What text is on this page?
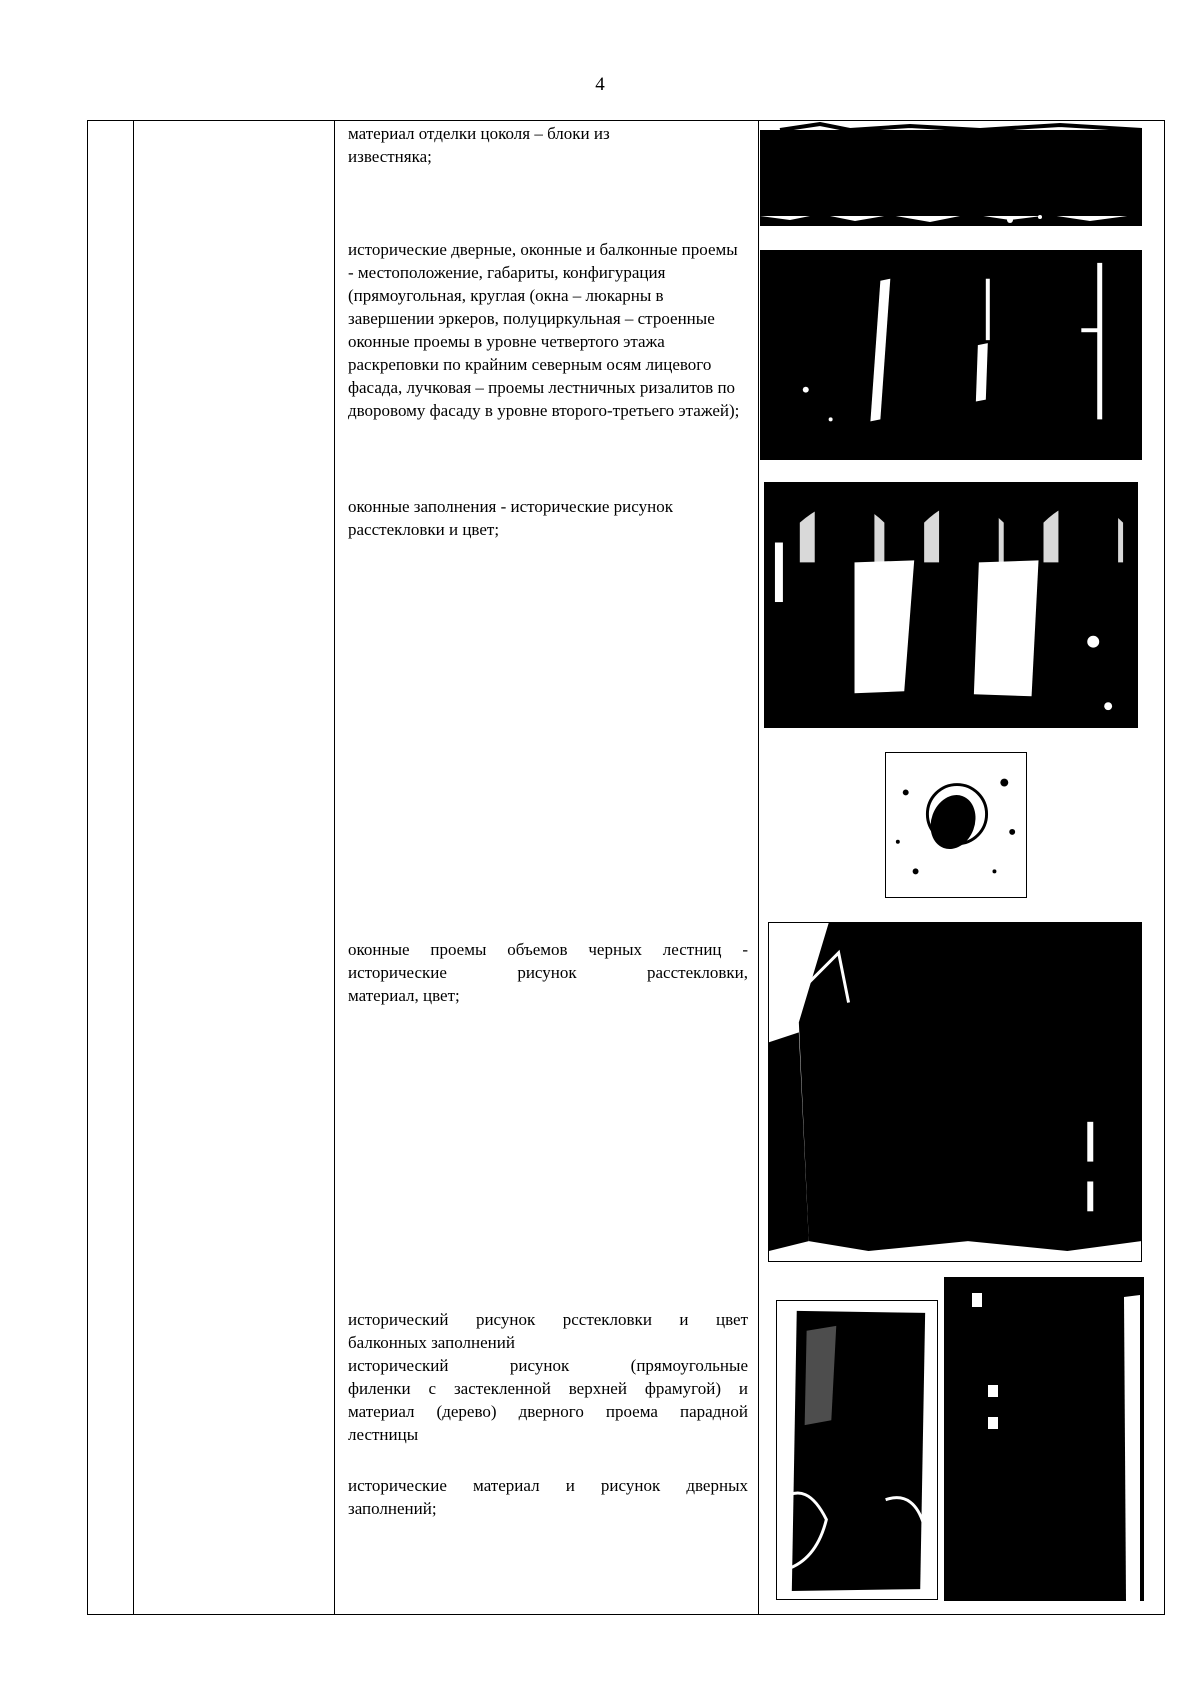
4
материал отделки цоколя – блоки из известняка;
исторические дверные, оконные и балконные проемы - местоположение, габариты, конфигурация (прямоугольная, круглая (окна – люкарны в завершении эркеров, полуциркульная – строенные оконные проемы в уровне четвертого этажа раскреповки по крайним северным осям лицевого фасада, лучковая – проемы лестничных ризалитов по дворовому фасаду в уровне второго-третьего этажей);
оконные заполнения - исторические рисунок расстекловки и цвет;
оконные проемы объемов черных лестниц -
исторические рисунок расстекловки,
материал, цвет;
исторический рисунок рсстекловки и цвет
балконных заполнений
исторический рисунок (прямоугольные
филенки с застекленной верхней фрамугой) и
материал (дерево) дверного проема парадной
лестницы
исторические материал и рисунок дверных
заполнений;
